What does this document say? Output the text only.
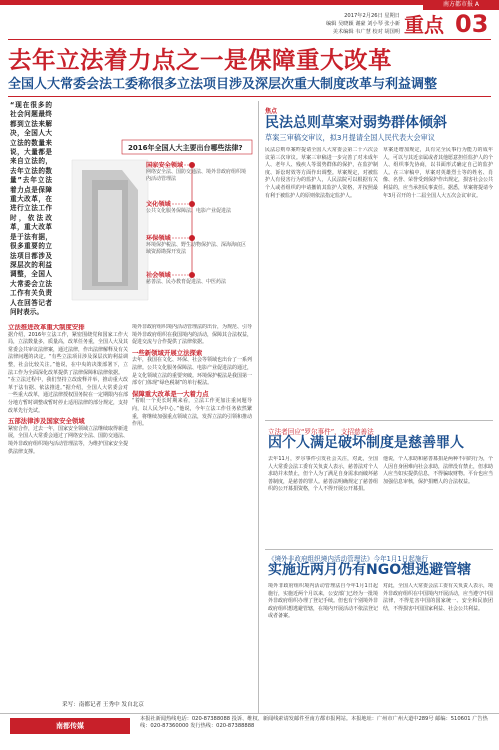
南方都市报 A
2017年2月26日 星期日
编辑 吴晓颖 谢豪 刘小琴 张小新
美术编辑 韦广慧 校对 胡国明 重点 03
去年立法着力点之一是保障重大改革
全国人大常委会法工委称很多立法项目涉及深层次重大制度改革与利益调整
“现在很多的社会问题最终都到立法来解决，全国人大立法的数量来说，大量都是来自立法的，去年立法的数量”去年立法着力点是保障重大改革，在进行立法工作时，依法改革，重大改革是于法有据，很多重要的立法项目都涉及深层次的利益调整，全国人大常委会立法工作有关负责人在回答记者问时表示。
2016年全国人大主要出台哪些法律?
国家安全领域
网络安全法、国防交通法、境外非政府组织境内活动管理法
文化领域
公共文化服务保障法、电影产业促进法
环保领域
环境保护税法、野生动物保护法、深海海底区域资源勘探开发法
社会领域
慈善法、民办教育促进法、中医药法
立法推进改革重大制度安排

据介绍，2016年立法工作，紧密围绕党和国家工作大局，立法数量多，质量高，改革任务重，全国人大及其常委会共审议法律案，通过法律，作出法律解释及有关法律问题的决定。“有些立法项目涉及深层次的利益调整，社会比较关注。”他说，在中央的决策部署下，立法工作为全面深化改革提供了法律保障和法律依据。

“在立法过程中，我们坚持立改废释并举，推动重大改革于法有据、依法推进。”据介绍，全国人大常委会对一些重大改革，通过法律授权国务院在一定期限内在部分地方暂时调整或暂时停止适用法律的部分规定，支持改革先行先试。

五部法律涉及国家安全领域

紧密合作，过去一年，国家安全领域立法继续取得新进展，全国人大常委会通过了网络安全法、国防交通法、境外非政府组织境内活动管理法等，为维护国家安全提供法律支撑。

境外非政府组织境内活动管理法的出台，为规范、引导境外非政府组织在我国境内的活动，保障其合法权益，促进交流与合作提供了法律依据。

一些新领域开展立法探索

去年，我国在文化、环保、社会等领域也出台了一系列法律。公共文化服务保障法、电影产业促进法的通过，是文化领域立法的重要突破。环境保护税法是我国第一部专门体现“绿色税制”的单行税法。

保障重大改革是一大着力点

“着眼一个更长时期来看，立法工作更加注重问题导向，以人民为中心。”他说，今年立法工作任务依然繁重，将继续加强重点领域立法，发挥立法的引领和推动作用。

采写：南都记者 王秀中 发自北京
焦点
民法总则草案对弱势群体倾斜
草案三审稿交审议，拟3月提请全国人民代表大会审议
民法总则草案昨提请全国人大常委会第二十六次会议第三次审议。草案三审稿进一步完善了对未成年人、老年人、残疾人等弱势群体的保护，在监护制度、诉讼时效等方面作出调整。草案规定，对被监护人有侵害行为的监护人，人民法院可以根据有关个人或者组织的申请撤销其监护人资格，并按照最有利于被监护人的原则依法指定监护人。
草案还增加规定，具有完全民事行为能力的成年人，可以与其近亲属或者其他愿意担任监护人的个人、组织事先协商，以书面形式确定自己的监护人。在三审稿中，草案对英雄烈士等的姓名、肖像、名誉、荣誉受到保护作出规定，损害社会公共利益的，应当承担民事责任。据悉，草案将提请今年3月召开的十二届全国人大五次会议审议。
立法者回应“罗尔事件”，支招慈善法
因个人满足破坏制度是慈善罪人
去年11月，罗尔事件引发社会关注，对此，全国人大常委会法工委有关负责人表示，慈善法对个人求助并未禁止，但个人为了满足自身需求而破坏慈善制度，是慈善的罪人。慈善法明确规定了慈善组织的公开募捐资格，个人不得开展公开募捐。
他说，个人求助和慈善募捐是两种不同的行为，个人因自身困难向社会求助，法律没有禁止，但求助人应当如实提供信息，不得骗取财物。平台也应当加强信息审核，保护捐赠人的合法权益。
《境外非政府组织境内活动管理法》今年1月1日起施行
实施近两月仍有NGO想逃避管辖
境外非政府组织境内活动管理法自今年1月1日起施行，实施近两个月以来，公安部门已经为一批境外非政府组织办理了登记手续。但也有个别境外非政府组织想逃避管辖，在境内开展活动不依法登记或者备案。
对此，全国人大常委会法工委有关负责人表示，境外非政府组织在中国境内开展活动，应当遵守中国法律，不得危害中国的国家统一、安全和民族团结，不得损害中国国家利益、社会公共利益。
南都传媒
本报社新闻热线电话：020-87388088 投诉、维权、新闻线索请发邮件至南方都市报网站。本报地址：广州市广州大道中289号 邮编：510601 广告热线：020-87360000 发行热线：020-87388888
